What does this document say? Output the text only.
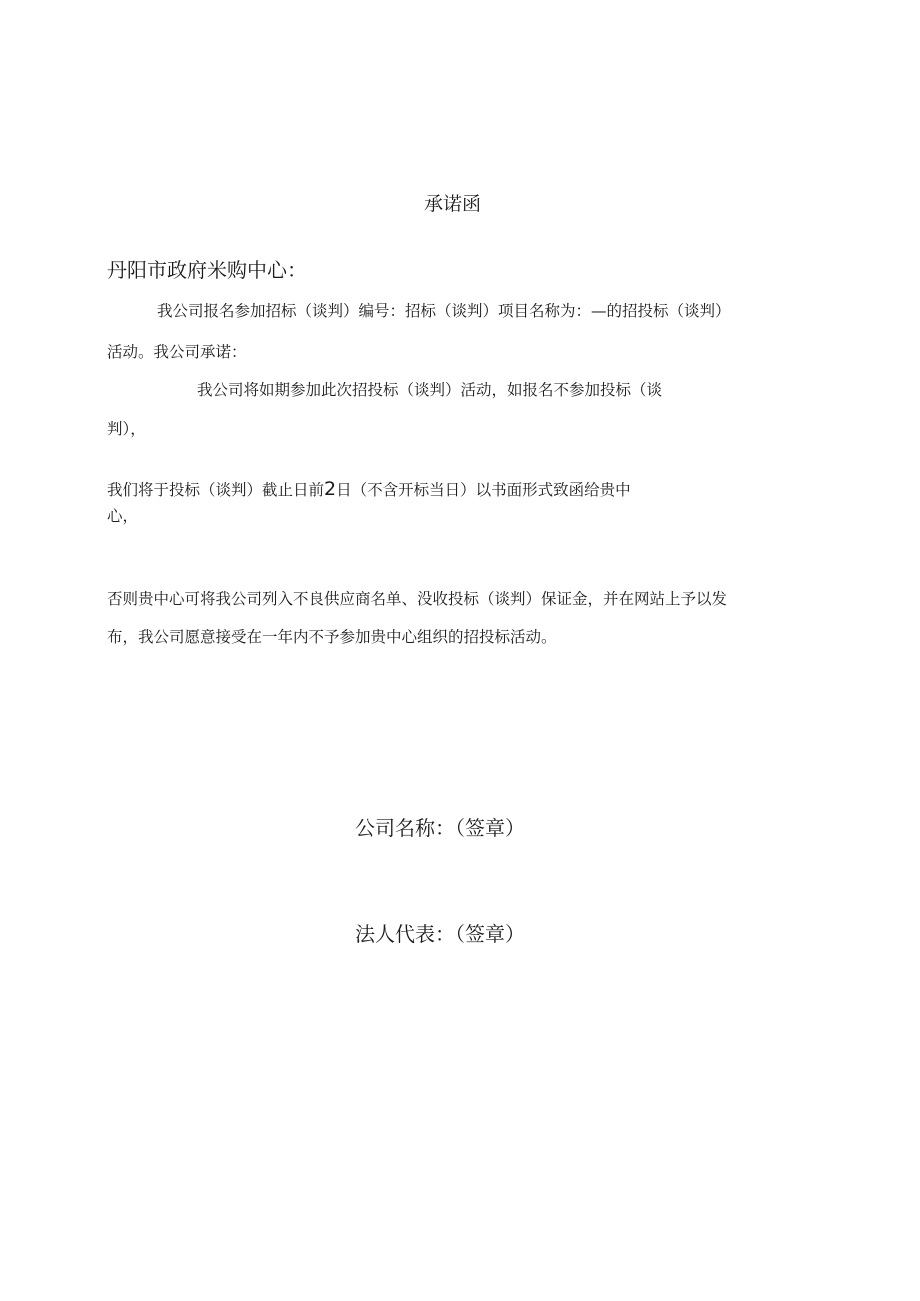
承诺函
丹阳市政府米购中心：
我公司报名参加招标（谈判）编号：招标（谈判）项目名称为：—的招投标（谈判）
活动。我公司承诺：
我公司将如期参加此次招投标（谈判）活动，如报名不参加投标（谈
判），
我们将于投标（谈判）截止日前2日（不含开标当日）以书面形式致函给贵中
心，
否则贵中心可将我公司列入不良供应商名单、没收投标（谈判）保证金，并在网站上予以发
布，我公司愿意接受在一年内不予参加贵中心组织的招投标活动。
公司名称：（签章）
法人代表：（签章）
